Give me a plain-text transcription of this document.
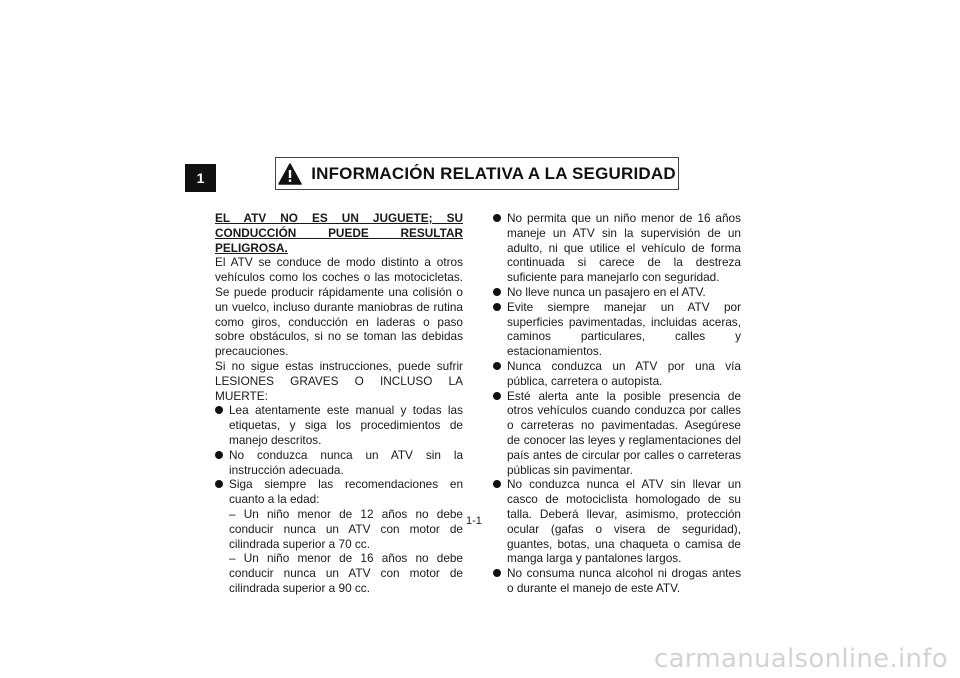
1	INFORMACIÓN RELATIVA A LA SEGURIDAD

EL ATV NO ES UN JUGUETE; SU CONDUCCIÓN PUEDE RESULTAR PELIGROSA.

El ATV se conduce de modo distinto a otros vehículos como los coches o las motocicletas. Se puede producir rápidamente una colisión o un vuelco, incluso durante maniobras de rutina como giros, conducción en laderas o paso sobre obstáculos, si no se toman las debidas precauciones.

Si no sigue estas instrucciones, puede sufrir LESIONES GRAVES O INCLUSO LA MUERTE:

Lea atentamente este manual y todas las etiquetas, y siga los procedimientos de manejo descritos.
No conduzca nunca un ATV sin la instrucción adecuada.
Siga siempre las recomendaciones en cuanto a la edad:
– Un niño menor de 12 años no debe conducir nunca un ATV con motor de cilindrada superior a 70 cc.
– Un niño menor de 16 años no debe conducir nunca un ATV con motor de cilindrada superior a 90 cc.
No permita que un niño menor de 16 años maneje un ATV sin la supervisión de un adulto, ni que utilice el vehículo de forma continuada si carece de la destreza suficiente para manejarlo con seguridad.
No lleve nunca un pasajero en el ATV.
Evite siempre manejar un ATV por superficies pavimentadas, incluidas aceras, caminos particulares, calles y estacionamientos.
Nunca conduzca un ATV por una vía pública, carretera o autopista.
Esté alerta ante la posible presencia de otros vehículos cuando conduzca por calles o carreteras no pavimentadas. Asegúrese de conocer las leyes y reglamentaciones del país antes de circular por calles o carreteras públicas sin pavimentar.
No conduzca nunca el ATV sin llevar un casco de motociclista homologado de su talla. Deberá llevar, asimismo, protección ocular (gafas o visera de seguridad), guantes, botas, una chaqueta o camisa de manga larga y pantalones largos.
No consuma nunca alcohol ni drogas antes o durante el manejo de este ATV.
1-1
carmanualsonline.info
